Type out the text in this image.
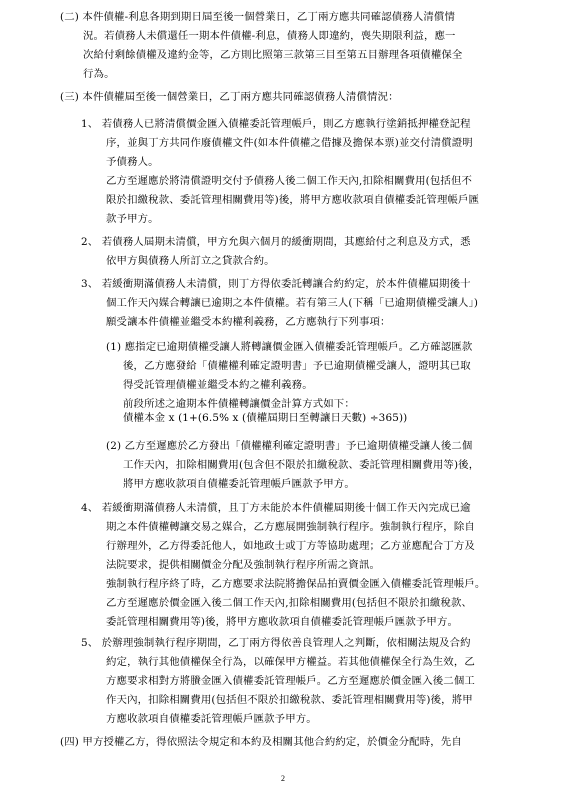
(二) 本件債權-利息各期到期日屆至後一個營業日，乙丁兩方應共同確認債務人清償情
況。若債務人未償還任一期本件債權-利息，債務人即違約，喪失期限利益，應一
次給付剩餘債權及違約金等，乙方則比照第三款第三目至第五目辦理各項債權保全
行為。
(三) 本件債權屆至後一個營業日，乙丁兩方應共同確認債務人清償情況：
1、 若債務人已將清償價金匯入債權委託管理帳戶，則乙方應執行塗銷抵押權登記程
序，並與丁方共同作廢債權文件(如本件債權之借據及擔保本票)並交付清償證明
予債務人。
乙方至遲應於將清償證明交付予債務人後二個工作天內,扣除相關費用(包括但不
限於扣繳稅款、委託管理相關費用等)後，將甲方應收款項自債權委託管理帳戶匯
款予甲方。
2、 若債務人屆期未清償，甲方允與六個月的緩衝期間，其應給付之利息及方式，悉
依甲方與債務人所訂立之貸款合約。
3、 若緩衝期滿債務人未清償，則丁方得依委託轉讓合約約定，於本件債權屆期後十
個工作天內媒合轉讓已逾期之本件債權。若有第三人(下稱「已逾期債權受讓人」)
願受讓本件債權並繼受本約權利義務，乙方應執行下列事項：
(1) 應指定已逾期債權受讓人將轉讓價金匯入債權委託管理帳戶。乙方確認匯款
後，乙方應發給「債權權利確定證明書」予已逾期債權受讓人，證明其已取
得受託管理債權並繼受本約之權利義務。
前段所述之逾期本件債權轉讓價金計算方式如下：
債權本金 x (1+(6.5% x (債權屆期日至轉讓日天數) ÷365))
(2) 乙方至遲應於乙方發出「債權權利確定證明書」予已逾期債權受讓人後二個
工作天內，扣除相關費用(包含但不限於扣繳稅款、委託管理相關費用等)後，
將甲方應收款項自債權委託管理帳戶匯款予甲方。
4、 若緩衝期滿債務人未清償，且丁方未能於本件債權屆期後十個工作天內完成已逾
期之本件債權轉讓交易之媒合，乙方應展開強制執行程序。強制執行程序，除自
行辦理外，乙方得委託他人，如地政士或丁方等協助處理；乙方並應配合丁方及
法院要求，提供相關價金分配及強制執行程序所需之資訊。
強制執行程序終了時，乙方應要求法院將擔保品拍賣價金匯入債權委託管理帳戶。
乙方至遲應於價金匯入後二個工作天內,扣除相關費用(包括但不限於扣繳稅款、
委託管理相關費用等)後，將甲方應收款項自債權委託管理帳戶匯款予甲方。
5、 於辦理強制執行程序期間，乙丁兩方得依善良管理人之判斷，依相關法規及合約
約定，執行其他債權保全行為，以確保甲方權益。若其他債權保全行為生效，乙
方應要求相對方將賸金匯入債權委託管理帳戶。乙方至遲應於價金匯入後二個工
作天內，扣除相關費用(包括但不限於扣繳稅款、委託管理相關費用等)後，將甲
方應收款項自債權委託管理帳戶匯款予甲方。
(四) 甲方授權乙方，得依照法令規定和本約及相關其他合約約定，於價金分配時，先自
2
